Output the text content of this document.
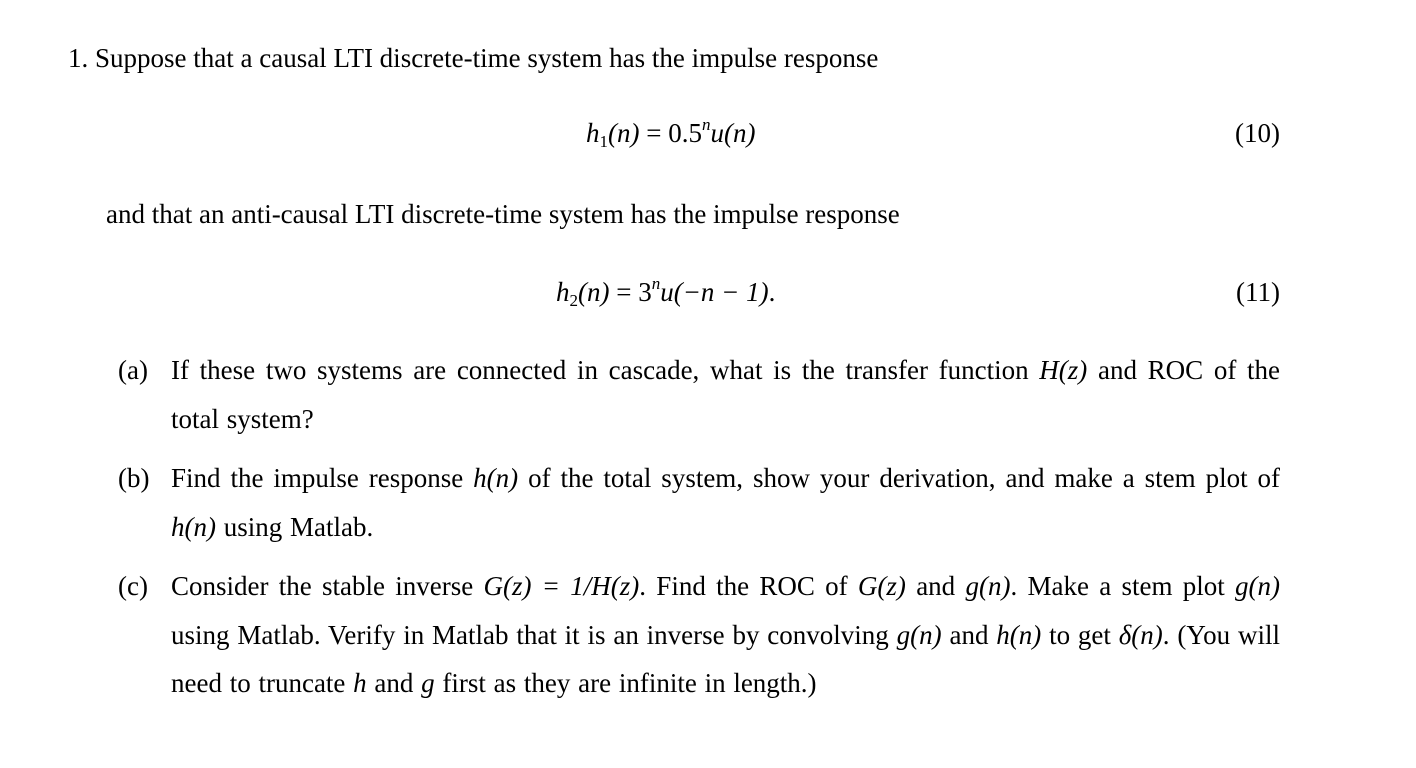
1. Suppose that a causal LTI discrete-time system has the impulse response
$h_1(n) = 0.5^nu(n)$	(10)
and that an anti-causal LTI discrete-time system has the impulse response
$h_2(n) = 3^nu(-n - 1)$.	(11)
(a) If these two systems are connected in cascade, what is the transfer function H(z) and ROC of the total system?
(b) Find the impulse response h(n) of the total system, show your derivation, and make a stem plot of h(n) using Matlab.
(c) Consider the stable inverse G(z) = 1/H(z). Find the ROC of G(z) and g(n). Make a stem plot g(n) using Matlab. Verify in Matlab that it is an inverse by convolving g(n) and h(n) to get δ(n). (You will need to truncate h and g first as they are infinite in length.)
